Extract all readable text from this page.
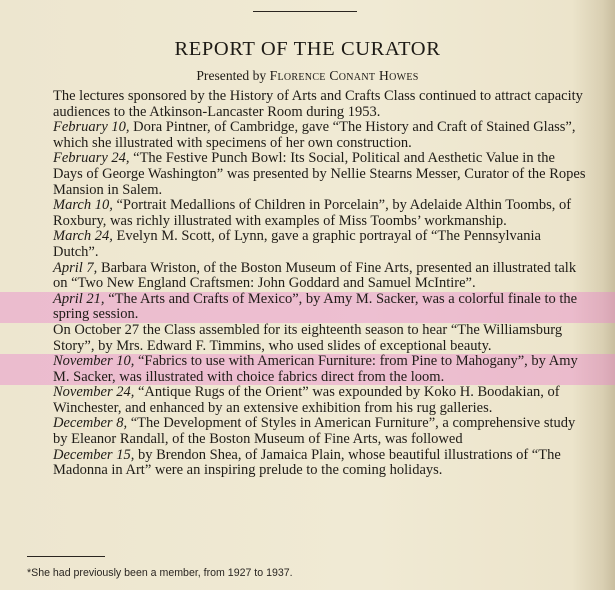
REPORT OF THE CURATOR
Presented by Florence Conant Howes

The lectures sponsored by the History of Arts and Crafts Class continued to attract capacity audiences to the Atkinson-Lancaster Room during 1953.

February 10, Dora Pintner, of Cambridge, gave “The History and Craft of Stained Glass”, which she illustrated with specimens of her own construction.

February 24, “The Festive Punch Bowl: Its Social, Political and Aesthetic Value in the Days of George Washington” was presented by Nellie Stearns Messer, Curator of the Ropes Mansion in Salem.

March 10, “Portrait Medallions of Children in Porcelain”, by Adelaide Althin Toombs, of Roxbury, was richly illustrated with examples of Miss Toombs’ workmanship.

March 24, Evelyn M. Scott, of Lynn, gave a graphic portrayal of “The Pennsylvania Dutch”.

April 7, Barbara Wriston, of the Boston Museum of Fine Arts, presented an illustrated talk on “Two New England Craftsmen: John Goddard and Samuel McIntire”.

April 21, “The Arts and Crafts of Mexico”, by Amy M. Sacker, was a colorful finale to the spring session.

On October 27 the Class assembled for its eighteenth season to hear “The Williamsburg Story”, by Mrs. Edward F. Timmins, who used slides of exceptional beauty.

November 10, “Fabrics to use with American Furniture: from Pine to Mahogany”, by Amy M. Sacker, was illustrated with choice fabrics direct from the loom.

November 24, “Antique Rugs of the Orient” was expounded by Koko H. Boodakian, of Winchester, and enhanced by an extensive exhibition from his rug galleries.

December 8, “The Development of Styles in American Furniture”, a comprehensive study by Eleanor Randall, of the Boston Museum of Fine Arts, was followed

December 15, by Brendon Shea, of Jamaica Plain, whose beautiful illustrations of “The Madonna in Art” were an inspiring prelude to the coming holidays.

*She had previously been a member, from 1927 to 1937.
